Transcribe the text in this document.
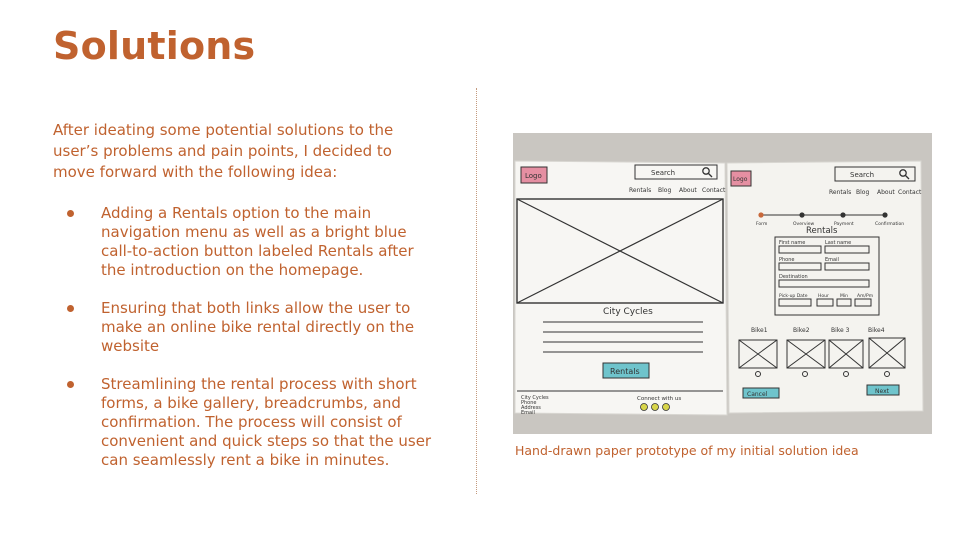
Solutions

After ideating some potential solutions to the user’s problems and pain points, I decided to move forward with the following idea:

Adding a Rentals option to the main navigation menu as well as a bright blue call-to-action button labeled Rentals after the introduction on the homepage.
Ensuring that both links allow the user to make an online bike rental directly on the website
Streamlining the rental process with short forms, a bike gallery, breadcrumbs, and confirmation. The process will consist of convenient and quick steps so that the user can seamlessly rent a bike in minutes.
Logo	Search
Rentals Blog About Contact
City Cycles
Rentals
City Cycles
Phone
Address
Email
Connect with us
Logo
Search
Rentals Blog About Contact
Form	Overview	Payment	Confirmation
Rentals
First name	Last name
Phone	Email
Destination
Pick-up Date Hour Min Am/Pm
Bike1	Bike2	Bike 3	Bike4
Cancel	Next

Hand-drawn paper prototype of my initial solution idea
